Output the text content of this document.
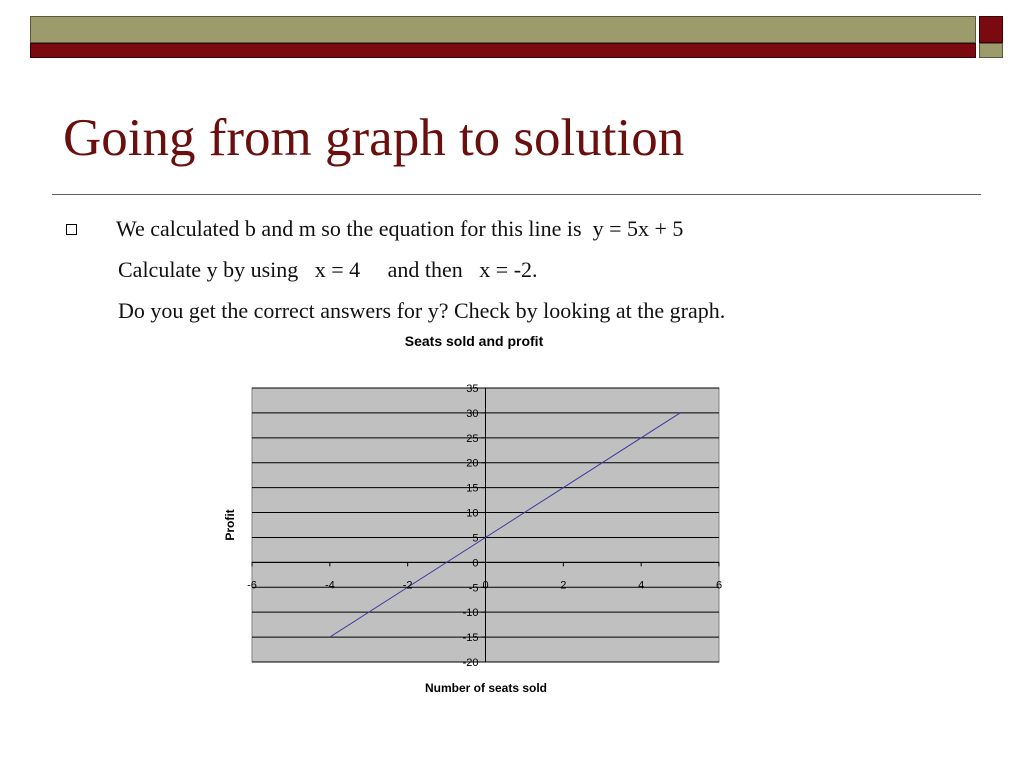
Going from graph to solution
We calculated b and m so the equation for this line is  y = 5x + 5
Calculate y by using   x = 4     and then   x = -2.
Do you get the correct answers for y? Check by looking at the graph.
Seats sold and profit
35
30
25
20
15
10
5
0
-5
-10
-15
-20
-6	-4	-2	0	2	4	6
Number of seats sold
Profit
